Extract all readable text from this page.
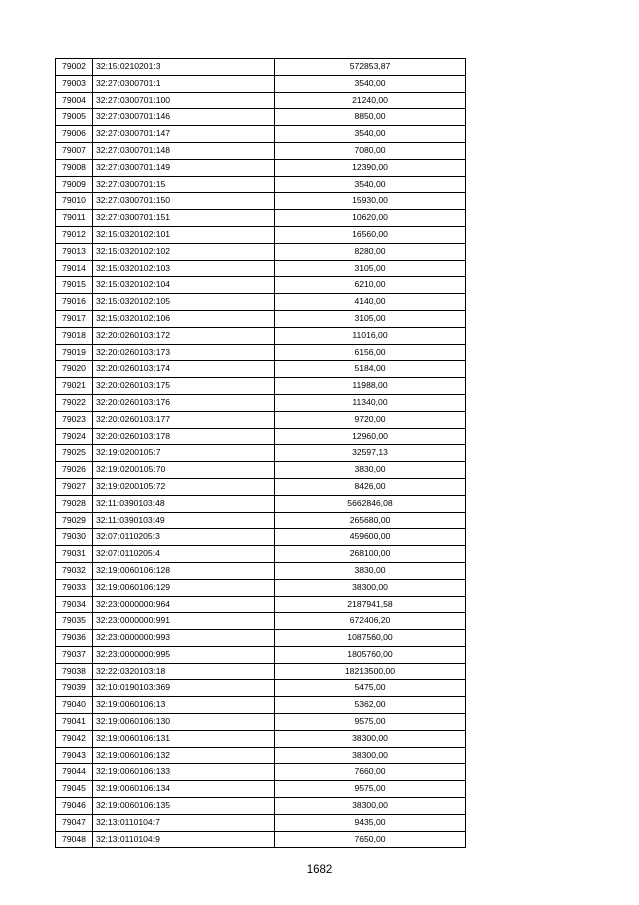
79002	32:15:0210201:3	572853,87
79003	32:27:0300701:1	3540,00
79004	32:27:0300701:100	21240,00
79005	32:27:0300701:146	8850,00
79006	32:27:0300701:147	3540,00
79007	32:27:0300701:148	7080,00
79008	32:27:0300701:149	12390,00
79009	32:27:0300701:15	3540,00
79010	32:27:0300701:150	15930,00
79011	32:27:0300701:151	10620,00
79012	32:15:0320102:101	16560,00
79013	32:15:0320102:102	8280,00
79014	32:15:0320102:103	3105,00
79015	32:15:0320102:104	6210,00
79016	32:15:0320102:105	4140,00
79017	32:15:0320102:106	3105,00
79018	32:20:0260103:172	11016,00
79019	32:20:0260103:173	6156,00
79020	32:20:0260103:174	5184,00
79021	32:20:0260103:175	11988,00
79022	32:20:0260103:176	11340,00
79023	32:20:0260103:177	9720,00
79024	32:20:0260103:178	12960,00
79025	32:19:0200105:7	32597,13
79026	32:19:0200105:70	3830,00
79027	32:19:0200105:72	8426,00
79028	32:11:0390103:48	5662846,08
79029	32:11:0390103:49	265680,00
79030	32:07:0110205:3	459600,00
79031	32:07:0110205:4	268100,00
79032	32:19:0060106:128	3830,00
79033	32:19:0060106:129	38300,00
79034	32:23:0000000:964	2187941,58
79035	32:23:0000000:991	672406,20
79036	32:23:0000000:993	1087560,00
79037	32:23:0000000:995	1805760,00
79038	32:22:0320103:18	18213500,00
79039	32:10:0190103:369	5475,00
79040	32:19:0060106:13	5362,00
79041	32:19:0060106:130	9575,00
79042	32:19:0060106:131	38300,00
79043	32:19:0060106:132	38300,00
79044	32:19:0060106:133	7660,00
79045	32:19:0060106:134	9575,00
79046	32:19:0060106:135	38300,00
79047	32:13:0110104:7	9435,00
79048	32:13:0110104:9	7650,00
1682
